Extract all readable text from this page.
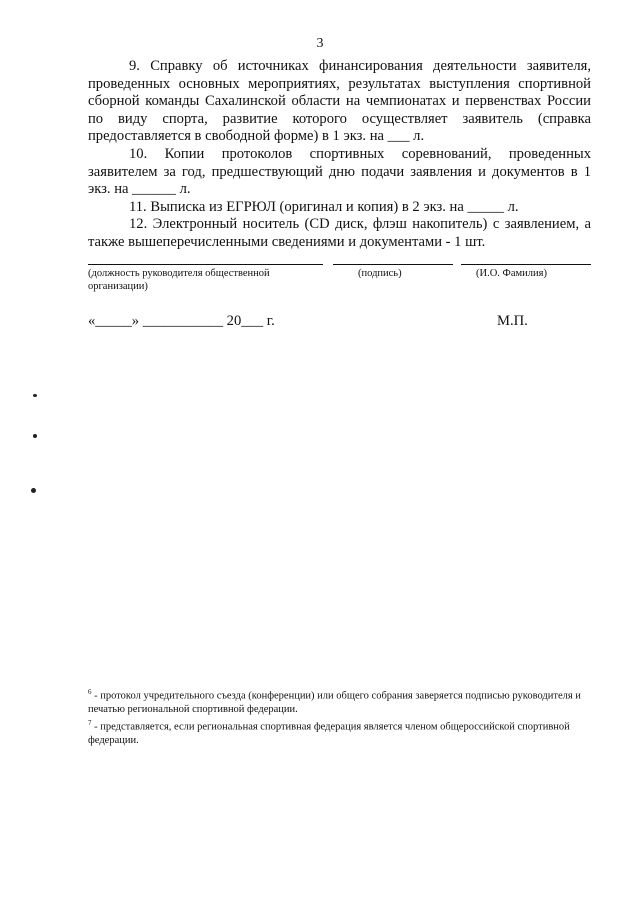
3

9. Справку об источниках финансирования деятельности заявителя, проведенных основных мероприятиях, результатах выступления спортивной сборной команды Сахалинской области на чемпионатах и первенствах России по виду спорта, развитие которого осуществляет заявитель (справка предоставляется в свободной форме) в 1 экз. на ___ л.

10. Копии протоколов спортивных соревнований, проведенных заявителем за год, предшествующий дню подачи заявления и документов в 1 экз. на ______ л.

11. Выписка из ЕГРЮЛ (оригинал и копия) в 2 экз. на _____ л.

12. Электронный носитель (CD диск, флэш накопитель) с заявлением, а также вышеперечисленными сведениями и документами - 1 шт.

(должность руководителя общественной организации)
(подпись)	(И.О. Фамилия)
«_____» ___________ 20___ г.	М.П.

$^6$ - протокол учредительного съезда (конференции) или общего собрания заверяется подписью руководителя и печатью региональной спортивной федерации.

$^7$ - представляется, если региональная спортивная федерация является членом общероссийской спортивной федерации.
